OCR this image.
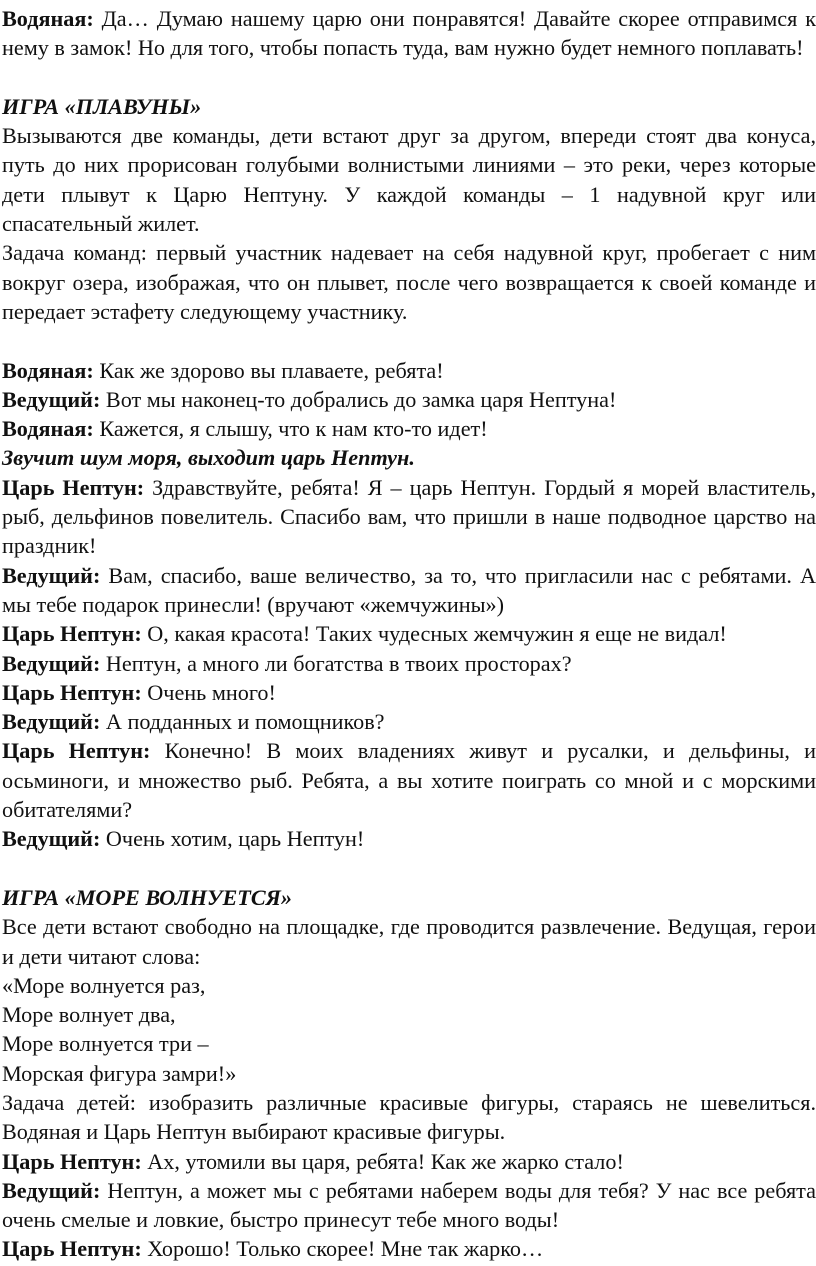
Водяная: Да… Думаю нашему царю они понравятся! Давайте скорее отправимся к нему в замок! Но для того, чтобы попасть туда, вам нужно будет немного поплавать!

ИГРА «ПЛАВУНЫ»

Вызываются две команды, дети встают друг за другом, впереди стоят два конуса, путь до них прорисован голубыми волнистыми линиями – это реки, через которые дети плывут к Царю Нептуну. У каждой команды – 1 надувной круг или спасательный жилет.

Задача команд: первый участник надевает на себя надувной круг, пробегает с ним вокруг озера, изображая, что он плывет, после чего возвращается к своей команде и передает эстафету следующему участнику.

Водяная: Как же здорово вы плаваете, ребята!

Ведущий: Вот мы наконец-то добрались до замка царя Нептуна!

Водяная: Кажется, я слышу, что к нам кто-то идет!

Звучит шум моря, выходит царь Нептун.

Царь Нептун: Здравствуйте, ребята! Я – царь Нептун. Гордый я морей властитель, рыб, дельфинов повелитель. Спасибо вам, что пришли в наше подводное царство на праздник!

Ведущий: Вам, спасибо, ваше величество, за то, что пригласили нас с ребятами. А мы тебе подарок принесли! (вручают «жемчужины»)

Царь Нептун: О, какая красота! Таких чудесных жемчужин я еще не видал!

Ведущий: Нептун, а много ли богатства в твоих просторах?

Царь Нептун: Очень много!

Ведущий: А подданных и помощников?

Царь Нептун: Конечно! В моих владениях живут и русалки, и дельфины, и осьминоги, и множество рыб. Ребята, а вы хотите поиграть со мной и с морскими обитателями?

Ведущий: Очень хотим, царь Нептун!

ИГРА «МОРЕ ВОЛНУЕТСЯ»

Все дети встают свободно на площадке, где проводится развлечение. Ведущая, герои и дети читают слова:

«Море волнуется раз,

Море волнует два,

Море волнуется три –

Морская фигура замри!»

Задача детей: изобразить различные красивые фигуры, стараясь не шевелиться. Водяная и Царь Нептун выбирают красивые фигуры.

Царь Нептун: Ах, утомили вы царя, ребята! Как же жарко стало!

Ведущий: Нептун, а может мы с ребятами наберем воды для тебя? У нас все ребята очень смелые и ловкие, быстро принесут тебе много воды!

Царь Нептун: Хорошо! Только скорее! Мне так жарко…
